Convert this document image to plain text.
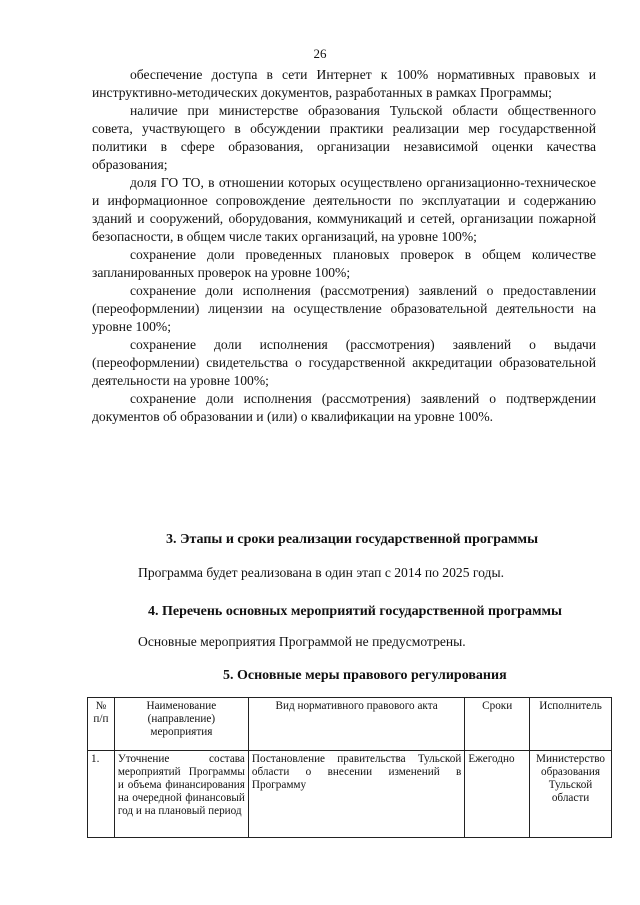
26

обеспечение доступа в сети Интернет к 100% нормативных правовых и инструктивно-методических документов, разработанных в рамках Программы;

наличие при министерстве образования Тульской области общественного совета, участвующего в обсуждении практики реализации мер государственной политики в сфере образования, организации независимой оценки качества образования;

доля ГО ТО, в отношении которых осуществлено организационно-техническое и информационное сопровождение деятельности по эксплуатации и содержанию зданий и сооружений, оборудования, коммуникаций и сетей, организации пожарной безопасности, в общем числе таких организаций, на уровне 100%;

сохранение доли проведенных плановых проверок в общем количестве запланированных проверок на уровне 100%;

сохранение доли исполнения (рассмотрения) заявлений о предоставлении (переоформлении) лицензии на осуществление образовательной деятельности на уровне 100%;

сохранение доли исполнения (рассмотрения) заявлений о выдачи (переоформлении) свидетельства о государственной аккредитации образовательной деятельности на уровне 100%;

сохранение доли исполнения (рассмотрения) заявлений о подтверждении документов об образовании и (или) о квалификации на уровне 100%.

3. Этапы и сроки реализации государственной программы
Программа будет реализована в один этап с 2014 по 2025 годы.
4. Перечень основных мероприятий государственной программы
Основные мероприятия Программой не предусмотрены.
5. Основные меры правового регулирования
№ п/п	Наименование (направление) мероприятия	Вид нормативного правового акта	Сроки	Исполнитель
1.	Уточнение состава мероприятий Программы и объема финансирования на очередной финансовый год и на плановый период	Постановление правительства Тульской области о внесении изменений в Программу	Ежегодно	Министерство образования Тульской области
